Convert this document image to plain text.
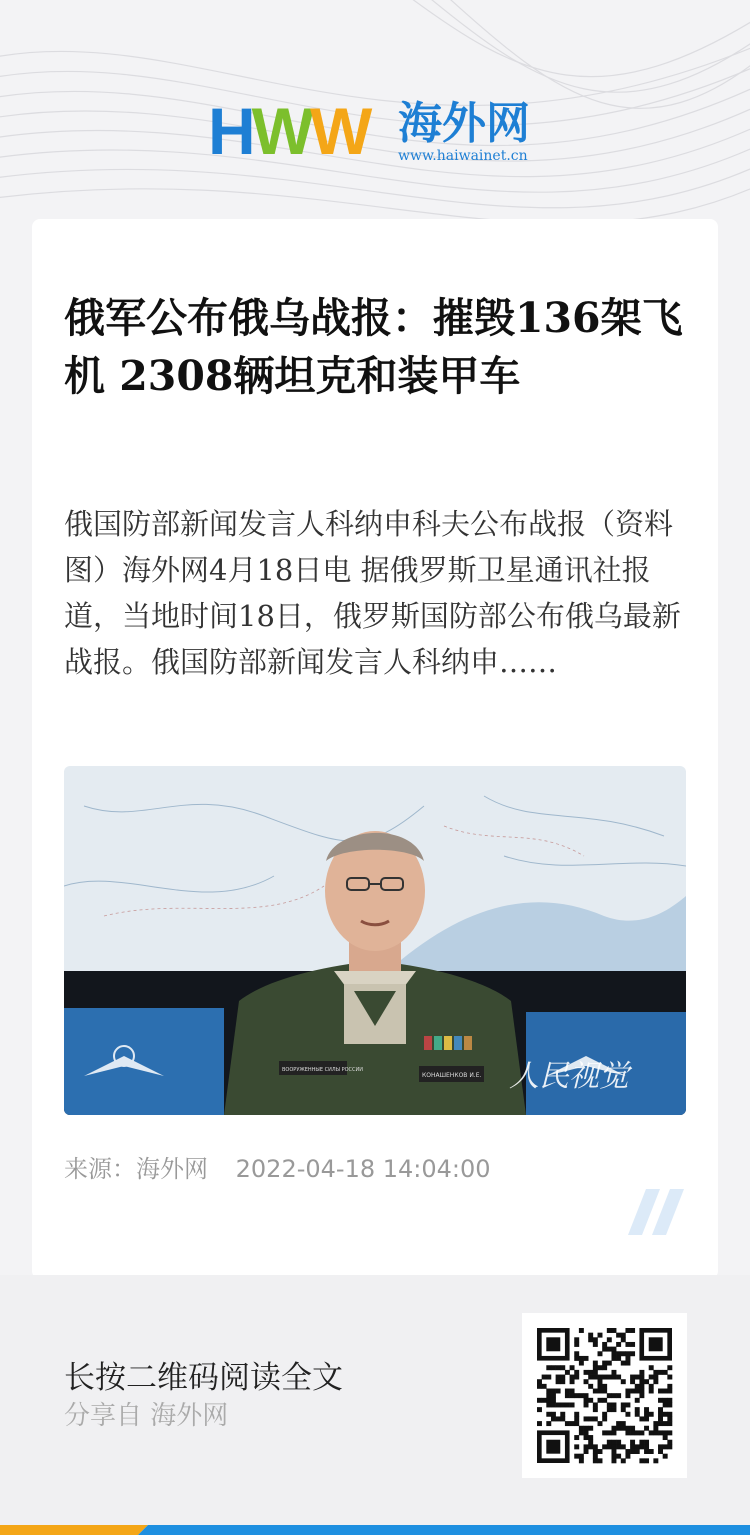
HWW 海外网
www.haiwainet.cn
俄军公布俄乌战报：摧毁136架飞机 2308辆坦克和装甲车

俄国防部新闻发言人科纳申科夫公布战报（资料图）海外网4月18日电 据俄罗斯卫星通讯社报道，当地时间18日，俄罗斯国防部公布俄乌最新战报。俄国防部新闻发言人科纳申……

人民视觉
ВООРУЖЕННЫЕ СИЛЫ РОССИИ
КОНАШЕНКОВ И.Е.
来源：海外网 2022-04-18 14:04:00
长按二维码阅读全文
分享自 海外网
